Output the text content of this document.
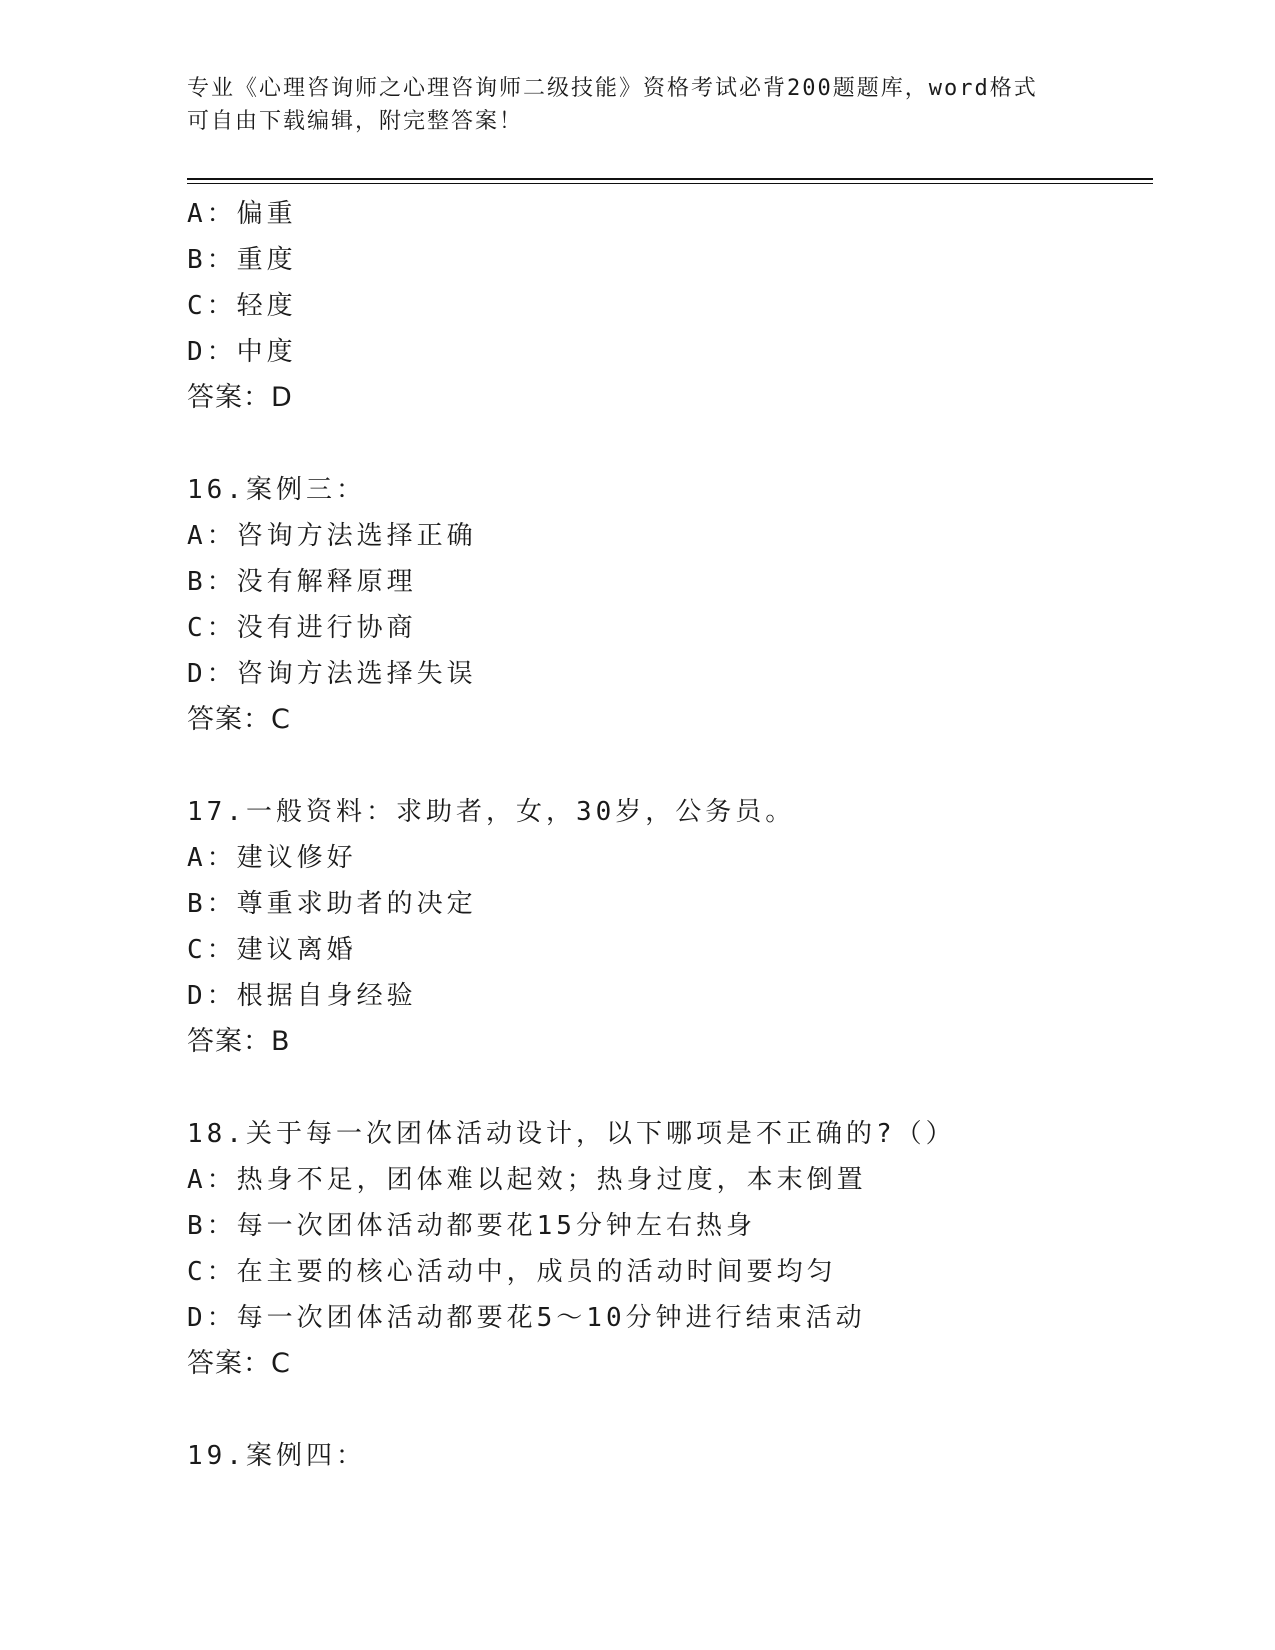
专业《心理咨询师之心理咨询师二级技能》资格考试必背200题题库，word格式
可自由下载编辑，附完整答案！
A：偏重
B：重度
C：轻度
D：中度
答案：D
16.案例三：
A：咨询方法选择正确
B：没有解释原理
C：没有进行协商
D：咨询方法选择失误
答案：C
17.一般资料：求助者，女，30岁，公务员。
A：建议修好
B：尊重求助者的决定
C：建议离婚
D：根据自身经验
答案：B
18.关于每一次团体活动设计，以下哪项是不正确的?（）
A：热身不足，团体难以起效；热身过度，本末倒置
B：每一次团体活动都要花15分钟左右热身
C：在主要的核心活动中，成员的活动时间要均匀
D：每一次团体活动都要花5～10分钟进行结束活动
答案：C
19.案例四：
